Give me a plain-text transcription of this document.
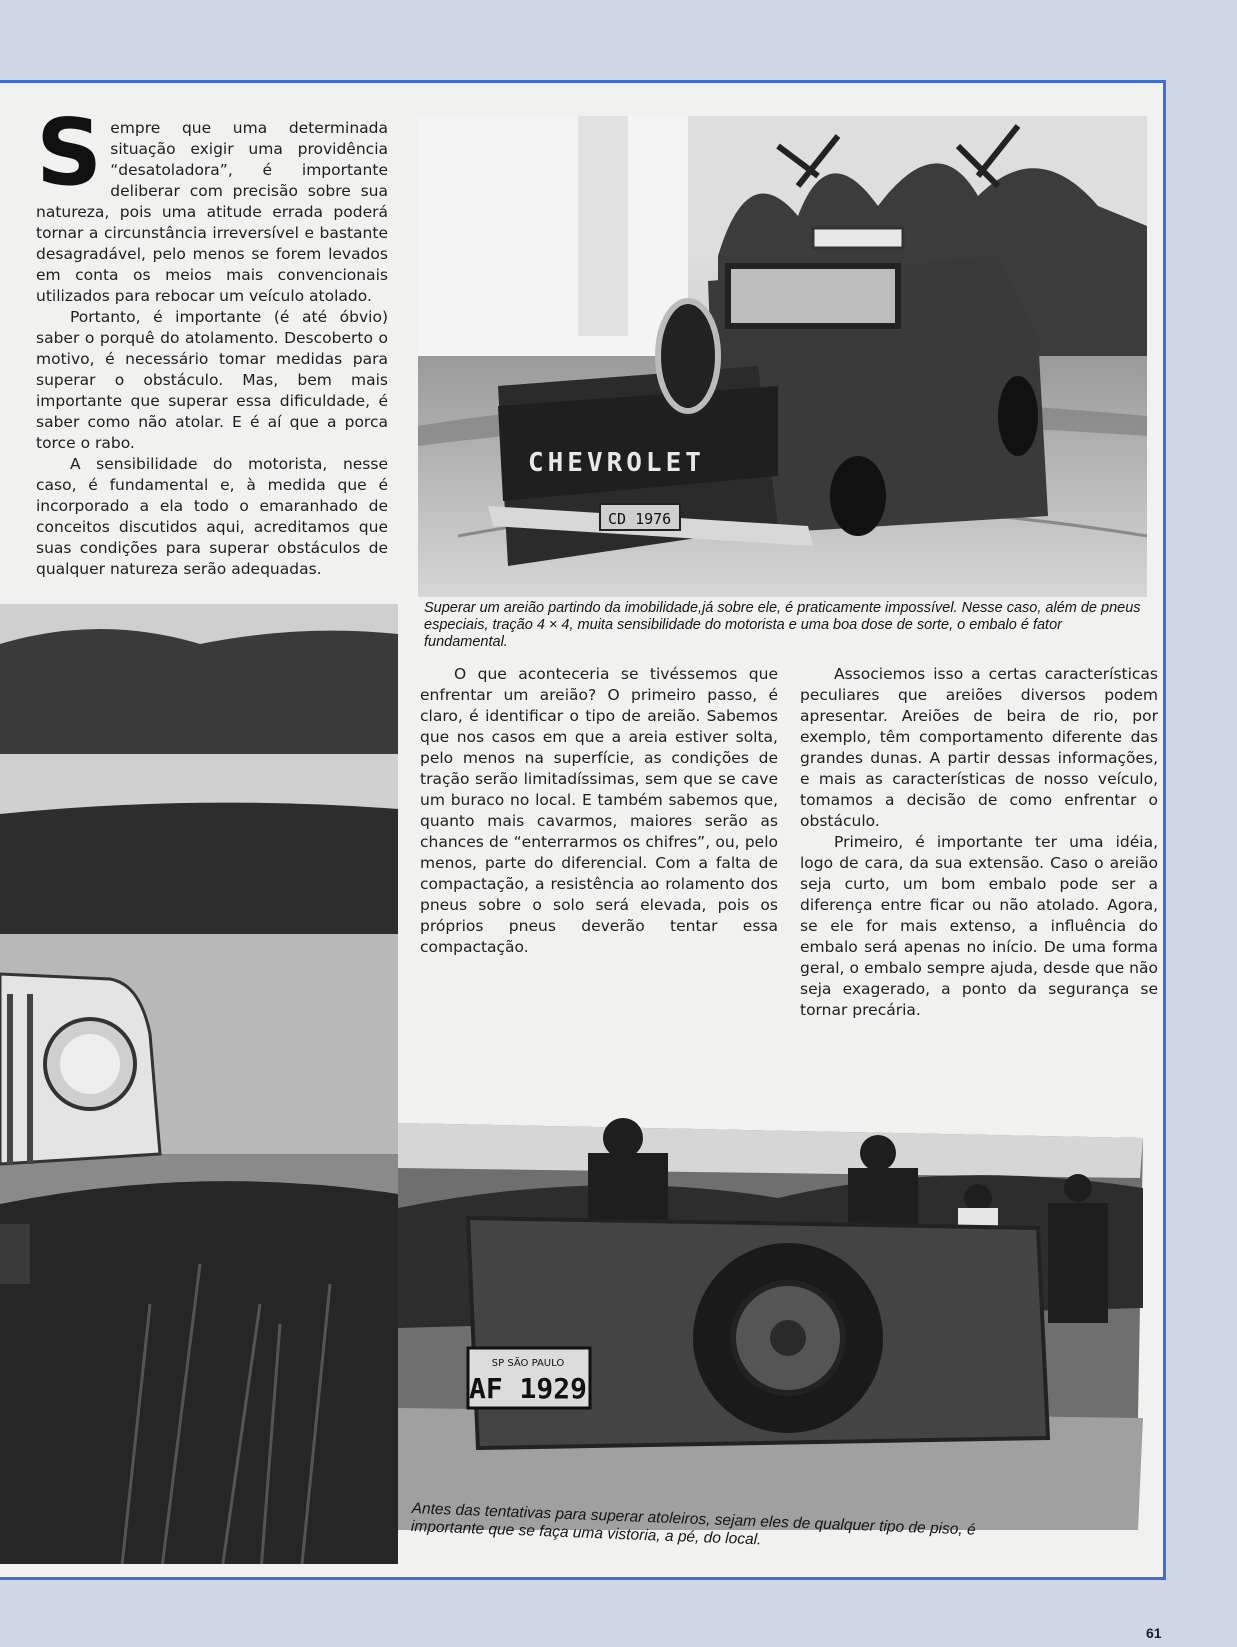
Sempre que uma determinada situação exigir uma providência “desatoladora”, é importante deliberar com precisão sobre sua natureza, pois uma atitude errada poderá tornar a circunstância irreversível e bastante desagradável, pelo menos se forem levados em conta os meios mais convencionais utilizados para rebocar um veículo atolado.

Portanto, é importante (é até óbvio) saber o porquê do atolamento. Descoberto o motivo, é necessário tomar medidas para superar o obstáculo. Mas, bem mais importante que superar essa dificuldade, é saber como não atolar. E é aí que a porca torce o rabo.

A sensibilidade do motorista, nesse caso, é fundamental e, à medida que é incorporado a ela todo o emaranhado de conceitos discutidos aqui, acreditamos que suas condições para superar obstáculos de qualquer natureza serão adequadas.

CHEVROLET
CD 1976
Superar um areião partindo da imobilidade,já sobre ele, é praticamente impossível. Nesse caso, além de pneus especiais, tração 4 × 4, muita sensibilidade do motorista e uma boa dose de sorte, o embalo é fator fundamental.

O que aconteceria se tivéssemos que enfrentar um areião? O primeiro passo, é claro, é identificar o tipo de areião. Sabemos que nos casos em que a areia estiver solta, pelo menos na superfície, as condições de tração serão limitadíssimas, sem que se cave um buraco no local. E também sabemos que, quanto mais cavarmos, maiores serão as chances de “enterrarmos os chifres”, ou, pelo menos, parte do diferencial. Com a falta de compactação, a resistência ao rolamento dos pneus sobre o solo será elevada, pois os próprios pneus deverão tentar essa compactação.

Associemos isso a certas características peculiares que areiões diversos podem apresentar. Areiões de beira de rio, por exemplo, têm comportamento diferente das grandes dunas. A partir dessas informações, e mais as características de nosso veículo, tomamos a decisão de como enfrentar o obstáculo.

Primeiro, é importante ter uma idéia, logo de cara, da sua extensão. Caso o areião seja curto, um bom embalo pode ser a diferença entre ficar ou não atolado. Agora, se ele for mais extenso, a influência do embalo será apenas no início. De uma forma geral, o embalo sempre ajuda, desde que não seja exagerado, a ponto da segurança se tornar precária.

SP SÃO PAULO
AF 1929
Antes das tentativas para superar atoleiros, sejam eles de qualquer tipo de piso, é importante que se faça uma vistoria, a pé, do local.
61
